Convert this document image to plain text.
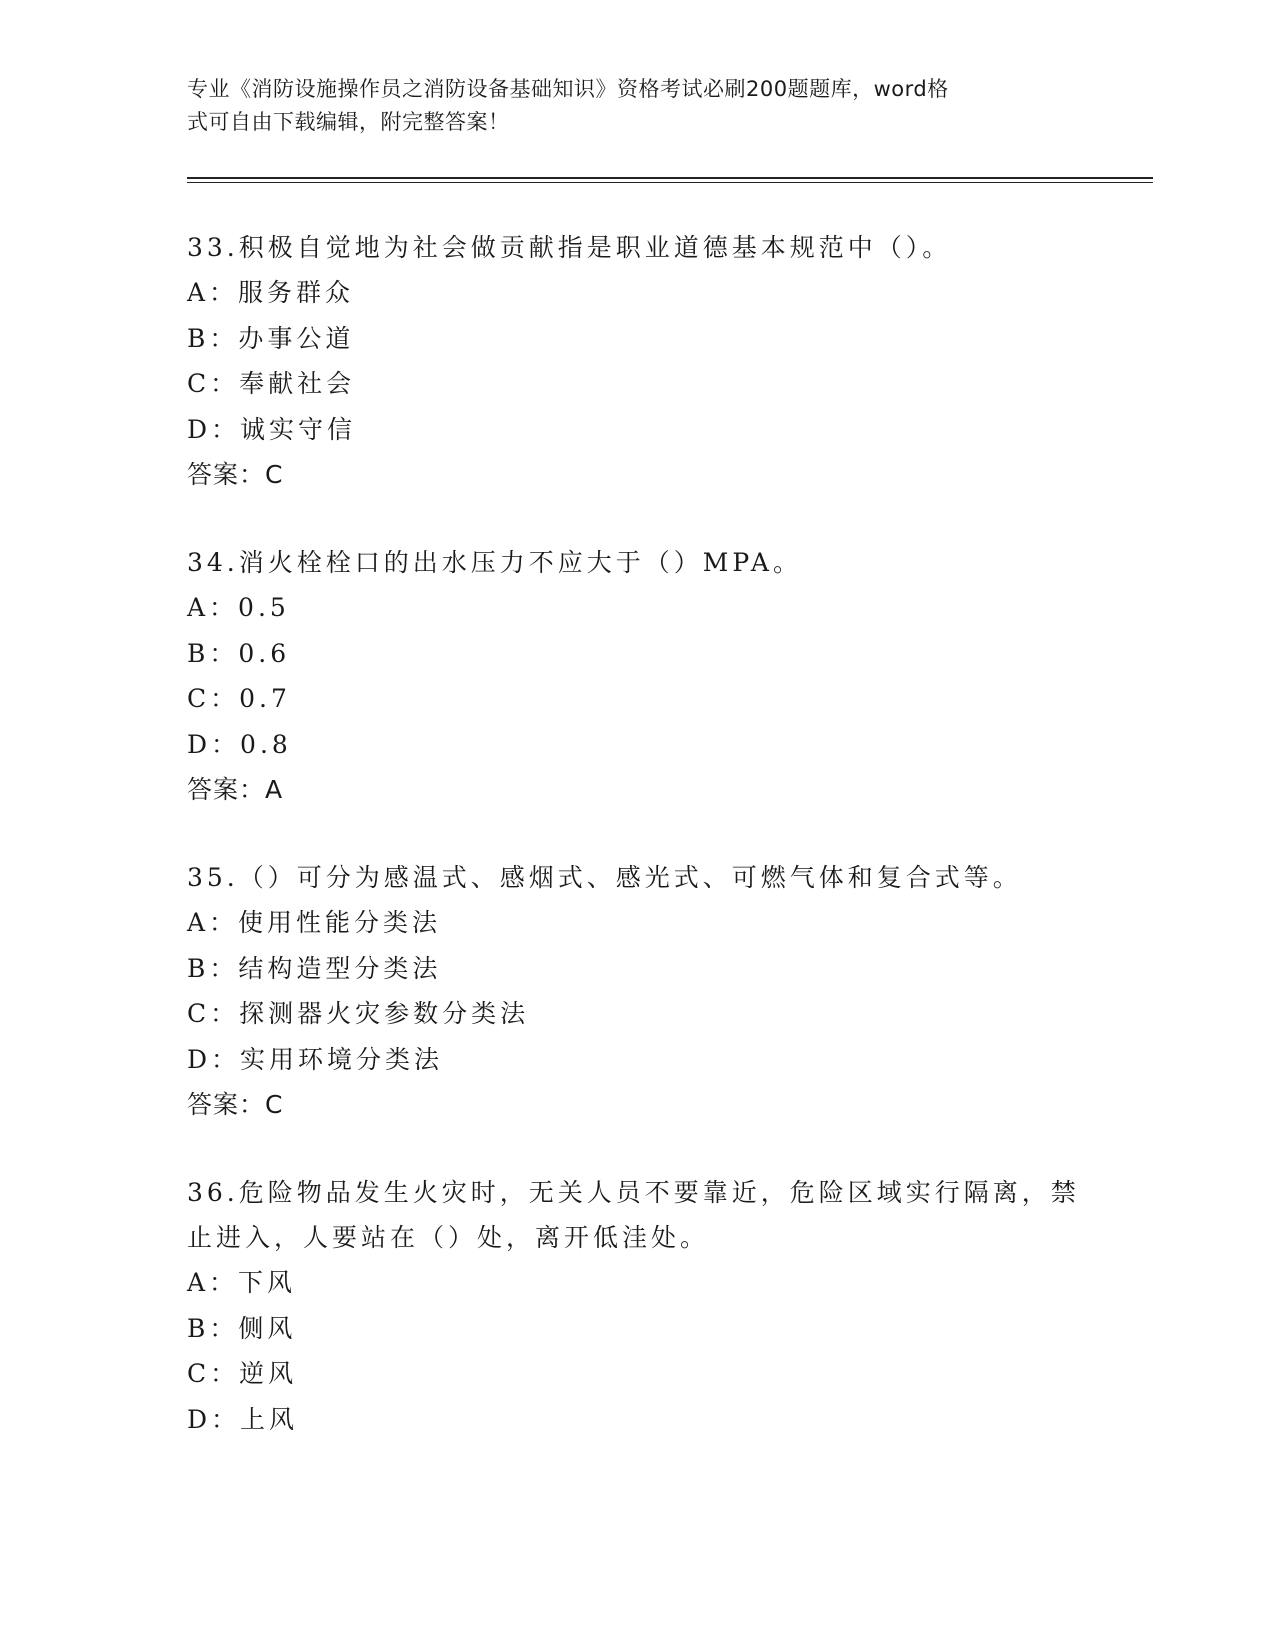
专业《消防设施操作员之消防设备基础知识》资格考试必刷200题题库，word格
式可自由下载编辑，附完整答案！
33.积极自觉地为社会做贡献指是职业道德基本规范中（）。
A：服务群众
B：办事公道
C：奉献社会
D：诚实守信
答案：C
34.消火栓栓口的出水压力不应大于（）MPA。
A：0.5
B：0.6
C：0.7
D：0.8
答案：A
35.（）可分为感温式、感烟式、感光式、可燃气体和复合式等。
A：使用性能分类法
B：结构造型分类法
C：探测器火灾参数分类法
D：实用环境分类法
答案：C
36.危险物品发生火灾时，无关人员不要靠近，危险区域实行隔离，禁
止进入，人要站在（）处，离开低洼处。
A：下风
B：侧风
C：逆风
D：上风
